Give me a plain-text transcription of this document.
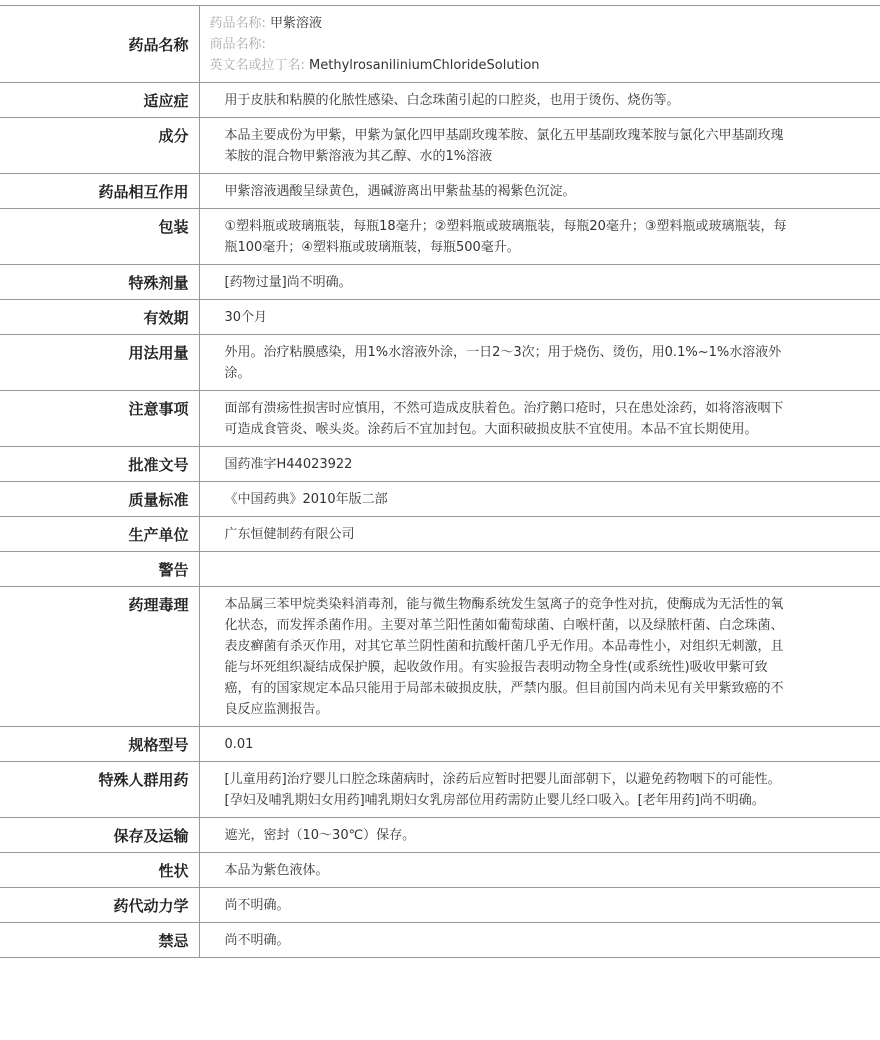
药品名称	药品名称: 甲紫溶液
商品名称:
英文名或拉丁名: MethylrosaniliniumChlorideSolution

适应症	用于皮肤和粘膜的化脓性感染、白念珠菌引起的口腔炎，也用于烫伤、烧伤等。
成分	本品主要成份为甲紫，甲紫为氯化四甲基副玫瑰苯胺、氯化五甲基副玫瑰苯胺与氯化六甲基副玫瑰苯胺的混合物甲紫溶液为其乙醇、水的1%溶液
药品相互作用	甲紫溶液遇酸呈绿黄色，遇碱游离出甲紫盐基的褐紫色沉淀。
包装	①塑料瓶或玻璃瓶装，每瓶18毫升；②塑料瓶或玻璃瓶装，每瓶20毫升；③塑料瓶或玻璃瓶装，每瓶100毫升；④塑料瓶或玻璃瓶装，每瓶500毫升。
特殊剂量	[药物过量]尚不明确。
有效期	30个月
用法用量	外用。治疗粘膜感染，用1%水溶液外涂，一日2～3次；用于烧伤、烫伤，用0.1%~1%水溶液外涂。
注意事项	面部有溃疡性损害时应慎用，不然可造成皮肤着色。治疗鹅口疮时，只在患处涂药，如将溶液咽下可造成食管炎、喉头炎。涂药后不宜加封包。大面积破损皮肤不宜使用。本品不宜长期使用。
批准文号	国药准字H44023922
质量标准	《中国药典》2010年版二部
生产单位	广东恒健制药有限公司
警告	
药理毒理	本品属三苯甲烷类染料消毒剂，能与微生物酶系统发生氢离子的竞争性对抗，使酶成为无活性的氧化状态，而发挥杀菌作用。主要对革兰阳性菌如葡萄球菌、白喉杆菌，以及绿脓杆菌、白念珠菌、表皮癣菌有杀灭作用，对其它革兰阴性菌和抗酸杆菌几乎无作用。本品毒性小，对组织无刺激，且能与坏死组织凝结成保护膜，起收敛作用。有实验报告表明动物全身性(或系统性)吸收甲紫可致癌，有的国家规定本品只能用于局部未破损皮肤，严禁内服。但目前国内尚未见有关甲紫致癌的不良反应监测报告。
规格型号	0.01
特殊人群用药	[儿童用药]治疗婴儿口腔念珠菌病时，涂药后应暂时把婴儿面部朝下，以避免药物咽下的可能性。[孕妇及哺乳期妇女用药]哺乳期妇女乳房部位用药需防止婴儿经口吸入。[老年用药]尚不明确。
保存及运输	遮光，密封（10～30℃）保存。
性状	本品为紫色液体。
药代动力学	尚不明确。
禁忌	尚不明确。
